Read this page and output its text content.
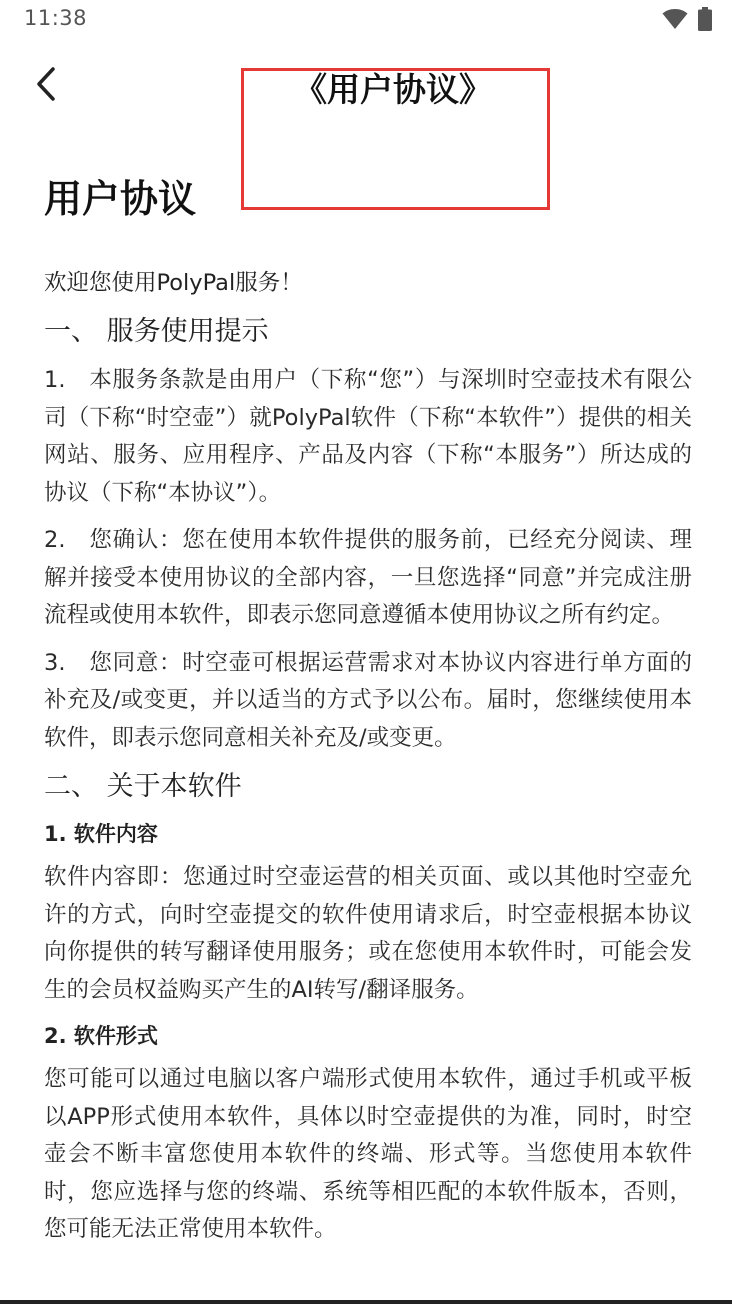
11:38
《用户协议》
用户协议

欢迎您使用PolyPal服务！

一、 服务使用提示

1.　本服务条款是由用户（下称“您”）与深圳时空壶技术有限公司（下称“时空壶”）就PolyPal软件（下称“本软件”）提供的相关网站、服务、应用程序、产品及内容（下称“本服务”）所达成的协议（下称“本协议”）。

2.　您确认：您在使用本软件提供的服务前，已经充分阅读、理解并接受本使用协议的全部内容，一旦您选择“同意”并完成注册流程或使用本软件，即表示您同意遵循本使用协议之所有约定。

3.　您同意：时空壶可根据运营需求对本协议内容进行单方面的补充及/或变更，并以适当的方式予以公布。届时，您继续使用本软件，即表示您同意相关补充及/或变更。

二、 关于本软件
1. 软件内容

软件内容即：您通过时空壶运营的相关页面、或以其他时空壶允许的方式，向时空壶提交的软件使用请求后，时空壶根据本协议向你提供的转写翻译使用服务；或在您使用本软件时，可能会发生的会员权益购买产生的AI转写/翻译服务。

2. 软件形式

您可能可以通过电脑以客户端形式使用本软件，通过手机或平板以APP形式使用本软件，具体以时空壶提供的为准，同时，时空壶会不断丰富您使用本软件的终端、形式等。当您使用本软件时，您应选择与您的终端、系统等相匹配的本软件版本，否则，您可能无法正常使用本软件。
